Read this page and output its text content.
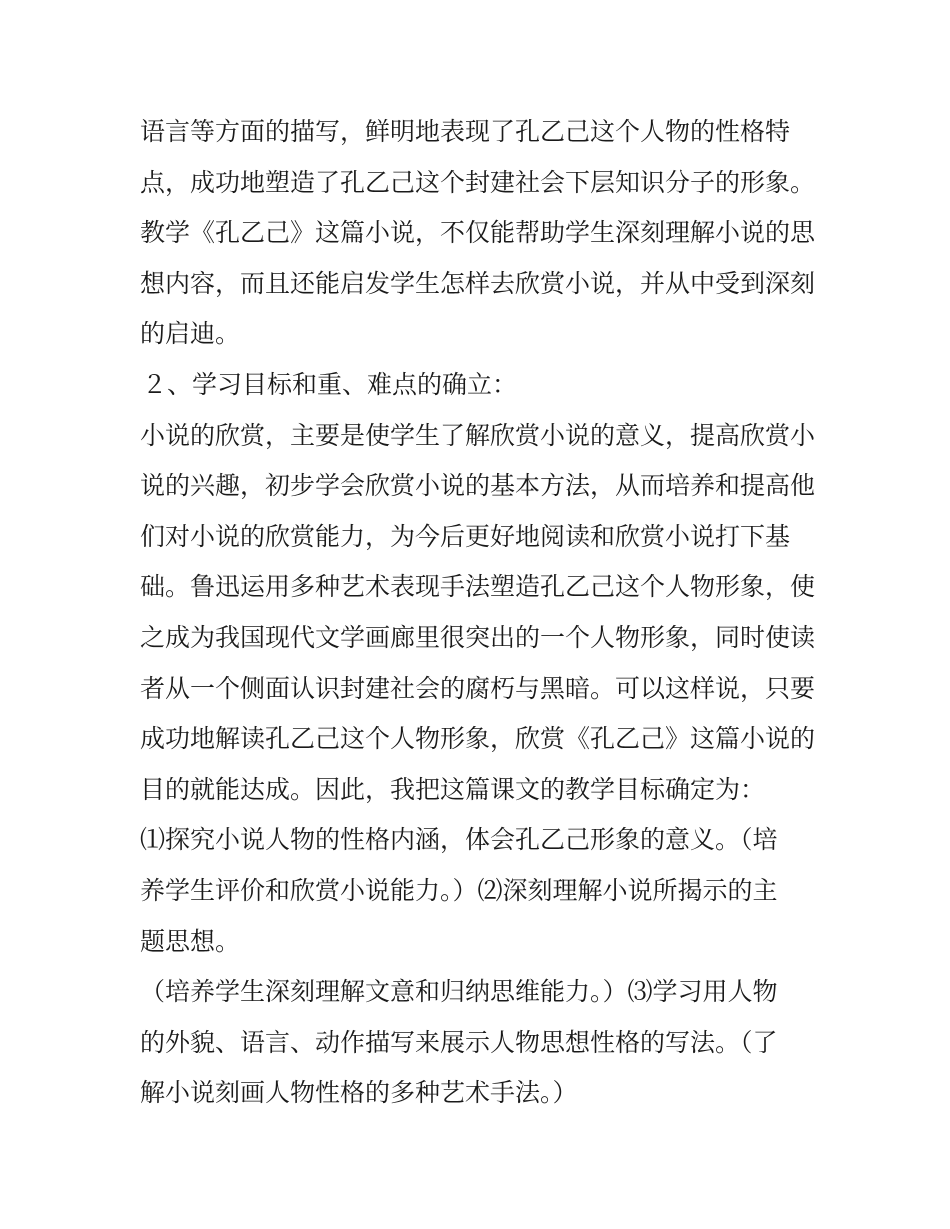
语言等方面的描写，鲜明地表现了孔乙己这个人物的性格特
点，成功地塑造了孔乙己这个封建社会下层知识分子的形象。
教学《孔乙己》这篇小说，不仅能帮助学生深刻理解小说的思
想内容，而且还能启发学生怎样去欣赏小说，并从中受到深刻
的启迪。
２、学习目标和重、难点的确立：
小说的欣赏，主要是使学生了解欣赏小说的意义，提高欣赏小
说的兴趣，初步学会欣赏小说的基本方法，从而培养和提高他
们对小说的欣赏能力，为今后更好地阅读和欣赏小说打下基
础。鲁迅运用多种艺术表现手法塑造孔乙己这个人物形象，使
之成为我国现代文学画廊里很突出的一个人物形象，同时使读
者从一个侧面认识封建社会的腐朽与黑暗。可以这样说，只要
成功地解读孔乙己这个人物形象，欣赏《孔乙己》这篇小说的
目的就能达成。因此，我把这篇课文的教学目标确定为：
⑴探究小说人物的性格内涵，体会孔乙己形象的意义。（培
养学生评价和欣赏小说能力。）⑵深刻理解小说所揭示的主
题思想。
（培养学生深刻理解文意和归纳思维能力。）⑶学习用人物
的外貌、语言、动作描写来展示人物思想性格的写法。（了
解小说刻画人物性格的多种艺术手法。）
